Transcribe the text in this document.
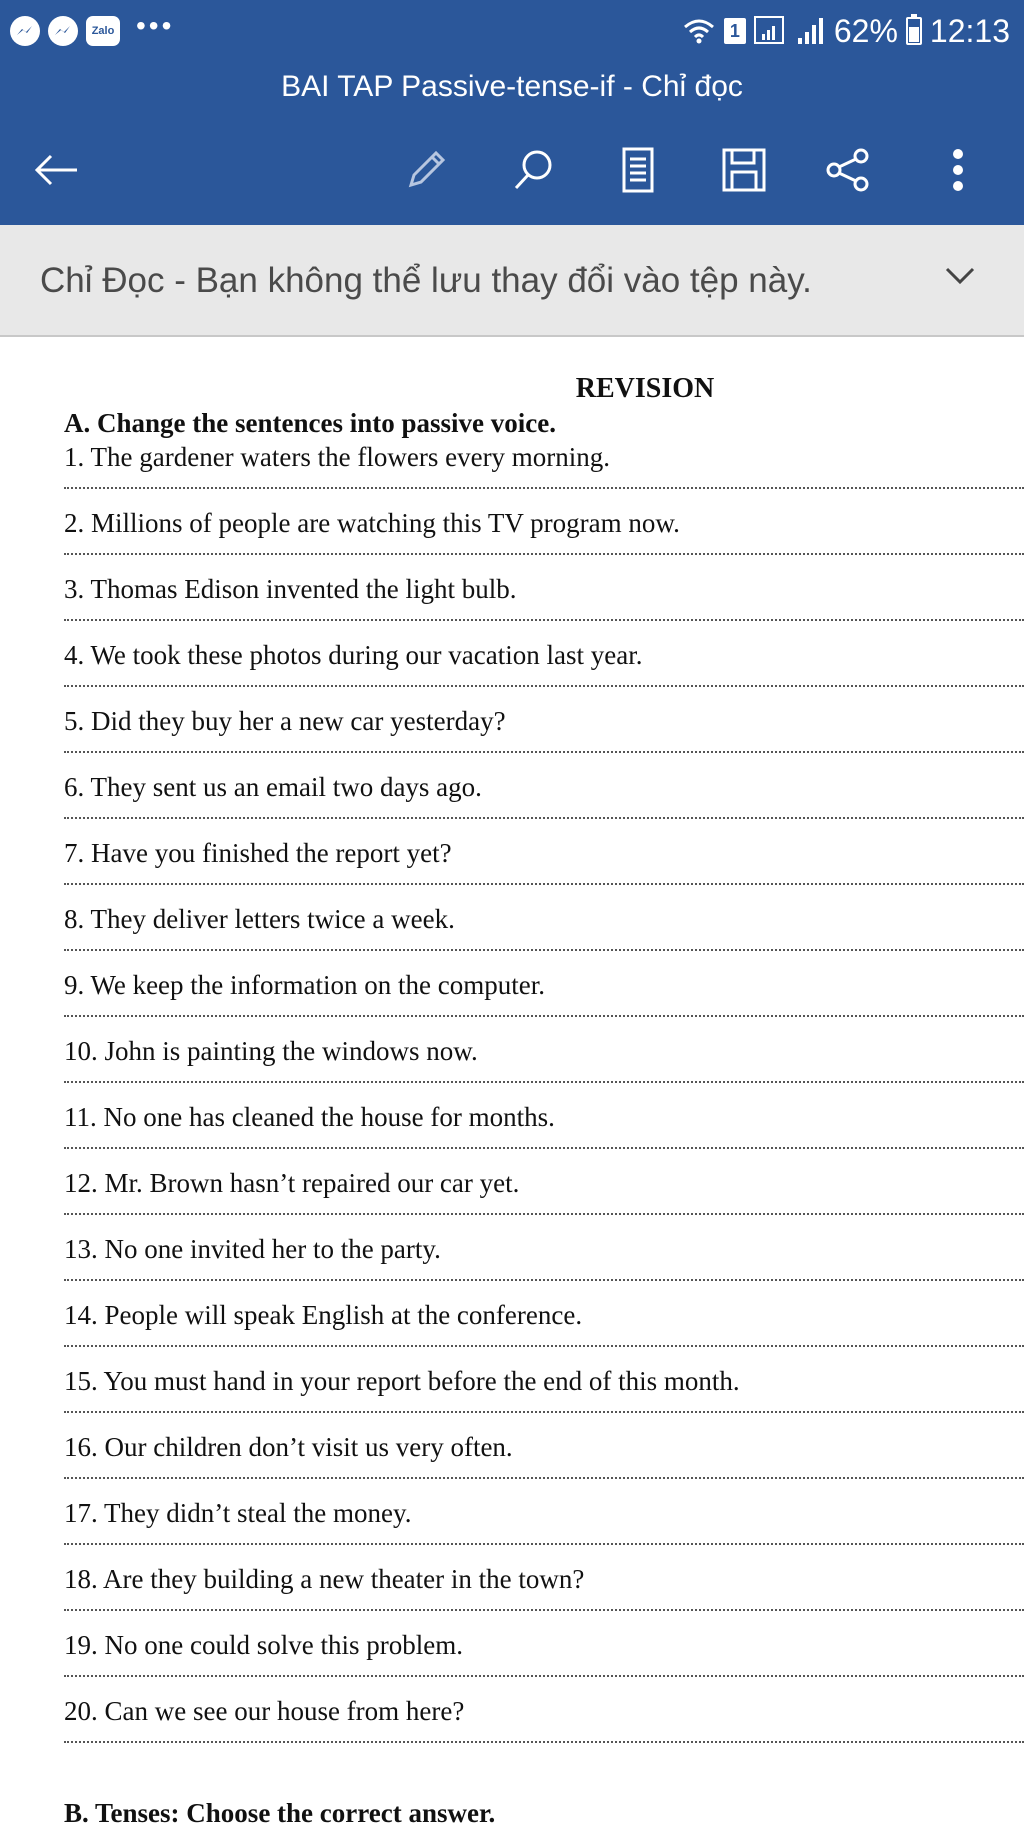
Zalo •••	1	62% 12:13
BAI TAP Passive-tense-if - Chỉ đọc
Chỉ Đọc - Bạn không thể lưu thay đổi vào tệp này.
REVISION
A. Change the sentences into passive voice.
1. The gardener waters the flowers every morning.
2. Millions of people are watching this TV program now.
3. Thomas Edison invented the light bulb.
4. We took these photos during our vacation last year.
5. Did they buy her a new car yesterday?
6. They sent us an email two days ago.
7. Have you finished the report yet?
8. They deliver letters twice a week.
9. We keep the information on the computer.
10. John is painting the windows now.
11. No one has cleaned the house for months.
12. Mr. Brown hasn’t repaired our car yet.
13. No one invited her to the party.
14. People will speak English at the conference.
15. You must hand in your report before the end of this month.
16. Our children don’t visit us very often.
17. They didn’t steal the money.
18. Are they building a new theater in the town?
19. No one could solve this problem.
20. Can we see our house from here?
B. Tenses: Choose the correct answer.
